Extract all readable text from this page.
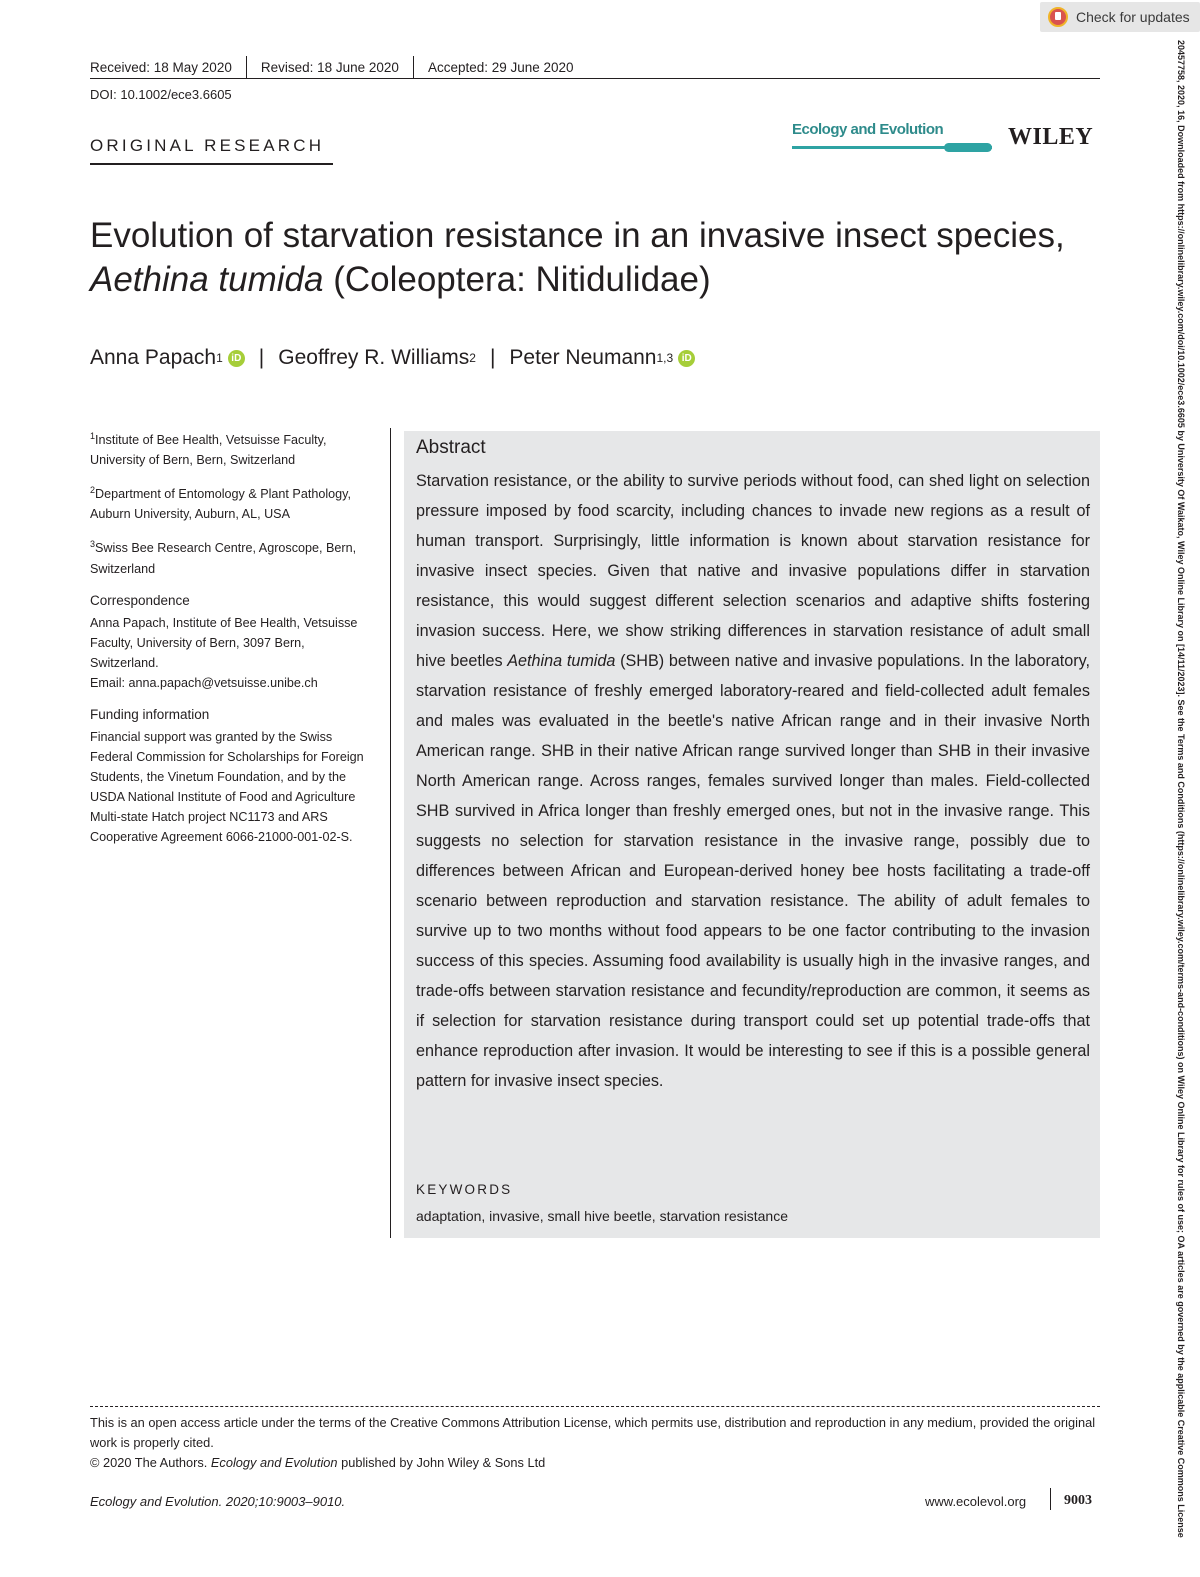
Check for updates
Received: 18 May 2020 Revised: 18 June 2020 Accepted: 29 June 2020
DOI: 10.1002/ece3.6605
ORIGINAL RESEARCH
Ecology and Evolution	WILEY
Evolution of starvation resistance in an invasive insect species,
Aethina tumida (Coleoptera: Nitidulidae)
Anna Papach 1 iD | Geoffrey R. Williams 2 | Peter Neumann 1,3 iD

$^1$Institute of Bee Health, Vetsuisse Faculty, University of Bern, Bern, Switzerland

$^2$Department of Entomology & Plant Pathology, Auburn University, Auburn, AL, USA

$^3$Swiss Bee Research Centre, Agroscope, Bern, Switzerland

Correspondence

Anna Papach, Institute of Bee Health, Vetsuisse Faculty, University of Bern, 3097 Bern, Switzerland.

Email: anna.papach@vetsuisse.unibe.ch

Funding information

Financial support was granted by the Swiss Federal Commission for Scholarships for Foreign Students, the Vinetum Foundation, and by the USDA National Institute of Food and Agriculture Multi-state Hatch project NC1173 and ARS Cooperative Agreement 6066-21000-001-02-S.

Abstract
Starvation resistance, or the ability to survive periods without food, can shed light on selection pressure imposed by food scarcity, including chances to invade new regions as a result of human transport. Surprisingly, little information is known about starvation resistance for invasive insect species. Given that native and invasive populations differ in starvation resistance, this would suggest different selection scenarios and adaptive shifts fostering invasion success. Here, we show striking differences in starvation resistance of adult small hive beetles Aethina tumida (SHB) between native and invasive populations. In the laboratory, starvation resistance of freshly emerged laboratory-reared and field-collected adult females and males was evaluated in the beetle's native African range and in their invasive North American range. SHB in their native African range survived longer than SHB in their invasive North American range. Across ranges, females survived longer than males. Field-collected SHB survived in Africa longer than freshly emerged ones, but not in the invasive range. This suggests no selection for starvation resistance in the invasive range, possibly due to differences between African and European-derived honey bee hosts facilitating a trade-off scenario between reproduction and starvation resistance. The ability of adult females to survive up to two months without food appears to be one factor contributing to the invasion success of this species. Assuming food availability is usually high in the invasive ranges, and trade-offs between starvation resistance and fecundity/reproduction are common, it seems as if selection for starvation resistance during transport could set up potential trade-offs that enhance reproduction after invasion. It would be interesting to see if this is a possible general pattern for invasive insect species.
KEYWORDS
adaptation, invasive, small hive beetle, starvation resistance

This is an open access article under the terms of the Creative Commons Attribution License, which permits use, distribution and reproduction in any medium, provided the original work is properly cited.

© 2020 The Authors. Ecology and Evolution published by John Wiley & Sons Ltd

Ecology and Evolution. 2020;10:9003–9010.	www.ecolevol.org	9003	20457758, 2020, 16, Downloaded from https://onlinelibrary.wiley.com/doi/10.1002/ece3.6605 by University Of Waikato, Wiley Online Library on [14/11/2023]. See the Terms and Conditions (https://onlinelibrary.wiley.com/terms-and-conditions) on Wiley Online Library for rules of use; OA articles are governed by the applicable Creative Commons License
